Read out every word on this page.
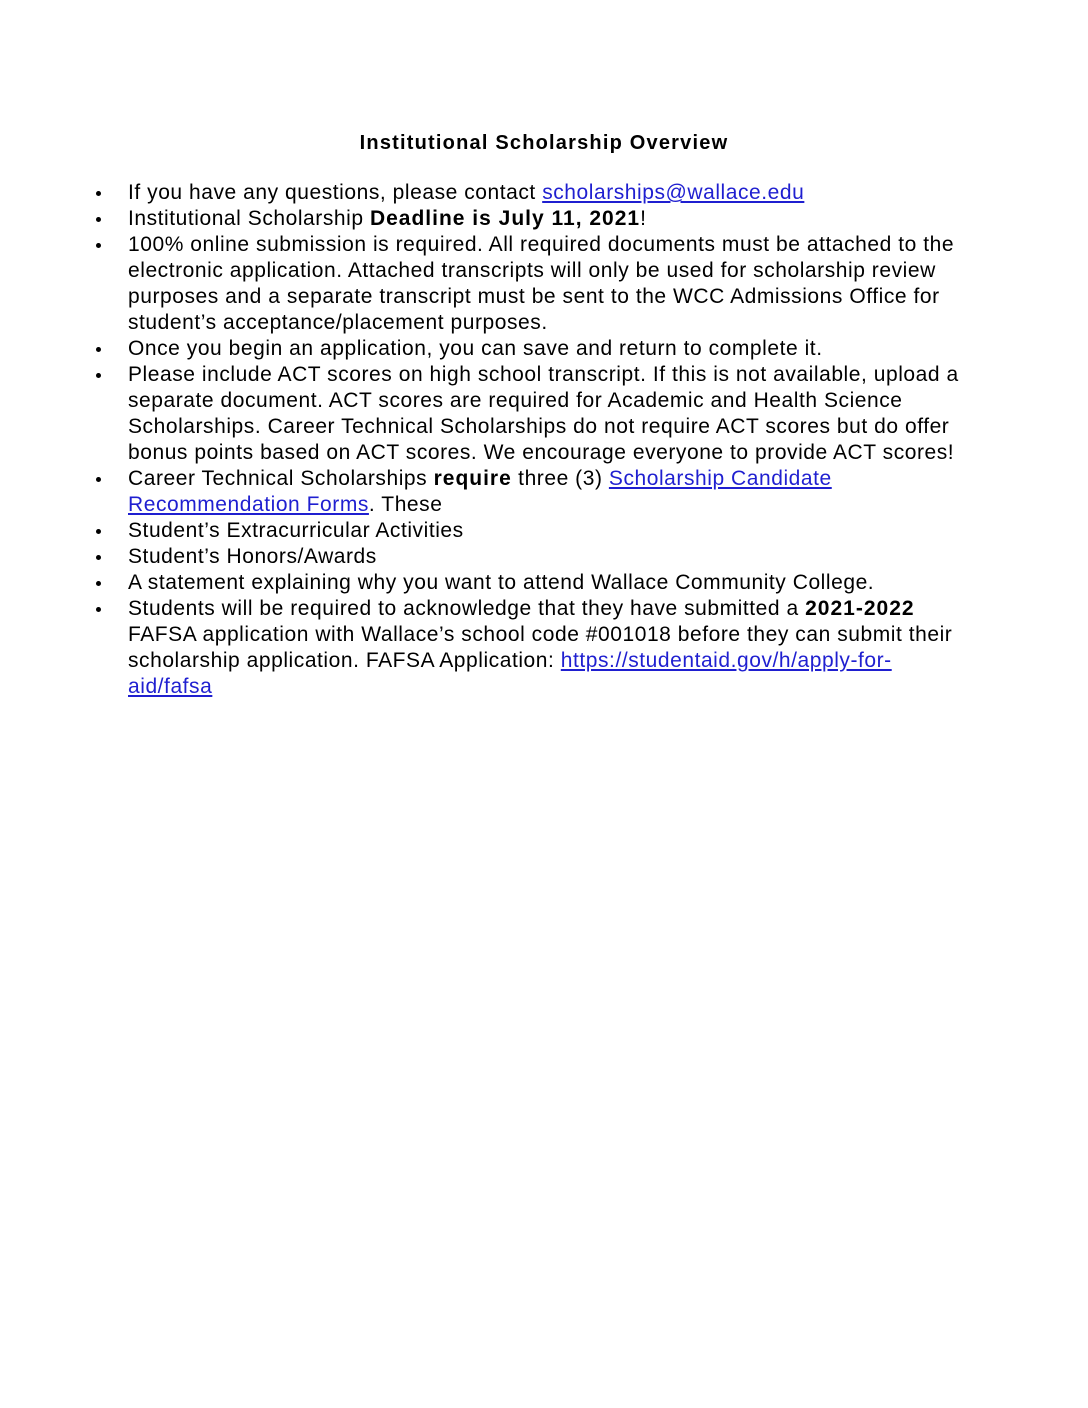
Institutional Scholarship Overview
If you have any questions, please contact scholarships@wallace.edu
Institutional Scholarship Deadline is July 11, 2021!
100% online submission is required. All required documents must be attached to the electronic application. Attached transcripts will only be used for scholarship review purposes and a separate transcript must be sent to the WCC Admissions Office for student’s acceptance/placement purposes.
Once you begin an application, you can save and return to complete it.
Please include ACT scores on high school transcript. If this is not available, upload a separate document. ACT scores are required for Academic and Health Science Scholarships. Career Technical Scholarships do not require ACT scores but do offer bonus points based on ACT scores. We encourage everyone to provide ACT scores!
Career Technical Scholarships require three (3) Scholarship Candidate Recommendation Forms. These
Student’s Extracurricular Activities
Student’s Honors/Awards
A statement explaining why you want to attend Wallace Community College.
Students will be required to acknowledge that they have submitted a 2021-2022 FAFSA application with Wallace’s school code #001018 before they can submit their scholarship application. FAFSA Application: https://studentaid.gov/h/apply-for-aid/fafsa
